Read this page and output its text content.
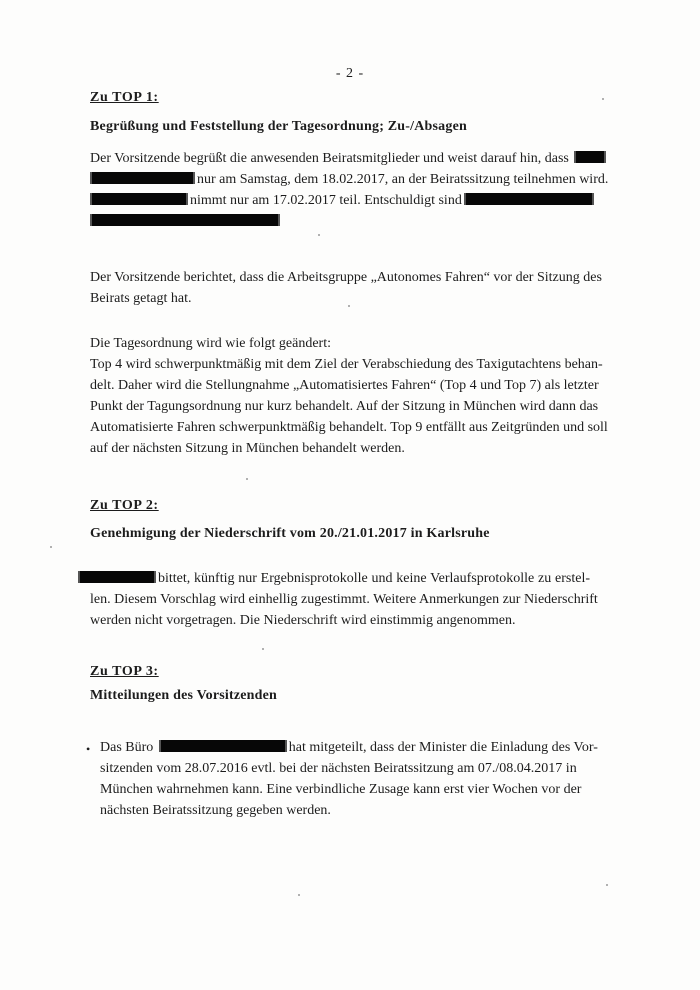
- 2 -
Zu TOP 1:
Begrüßung und Feststellung der Tagesordnung; Zu-/Absagen
Der Vorsitzende begrüßt die anwesenden Beiratsmitglieder und weist darauf hin, dass
nur am Samstag, dem 18.02.2017, an der Beiratssitzung teilnehmen wird.
nimmt nur am 17.02.2017 teil. Entschuldigt sind
Der Vorsitzende berichtet, dass die Arbeitsgruppe „Autonomes Fahren“ vor der Sitzung des
Beirats getagt hat.
Die Tagesordnung wird wie folgt geändert:
Top 4 wird schwerpunktmäßig mit dem Ziel der Verabschiedung des Taxigutachtens behan-
delt. Daher wird die Stellungnahme „Automatisiertes Fahren“ (Top 4 und Top 7) als letzter
Punkt der Tagungsordnung nur kurz behandelt. Auf der Sitzung in München wird dann das
Automatisierte Fahren schwerpunktmäßig behandelt. Top 9 entfällt aus Zeitgründen und soll
auf der nächsten Sitzung in München behandelt werden.
Zu TOP 2:
Genehmigung der Niederschrift vom 20./21.01.2017 in Karlsruhe
bittet, künftig nur Ergebnisprotokolle und keine Verlaufsprotokolle zu erstel-
len. Diesem Vorschlag wird einhellig zugestimmt. Weitere Anmerkungen zur Niederschrift
werden nicht vorgetragen. Die Niederschrift wird einstimmig angenommen.
Zu TOP 3:
Mitteilungen des Vorsitzenden
• Das Büro	hat mitgeteilt, dass der Minister die Einladung des Vor-
sitzenden vom 28.07.2016 evtl. bei der nächsten Beiratssitzung am 07./08.04.2017 in
München wahrnehmen kann. Eine verbindliche Zusage kann erst vier Wochen vor der
nächsten Beiratssitzung gegeben werden.
